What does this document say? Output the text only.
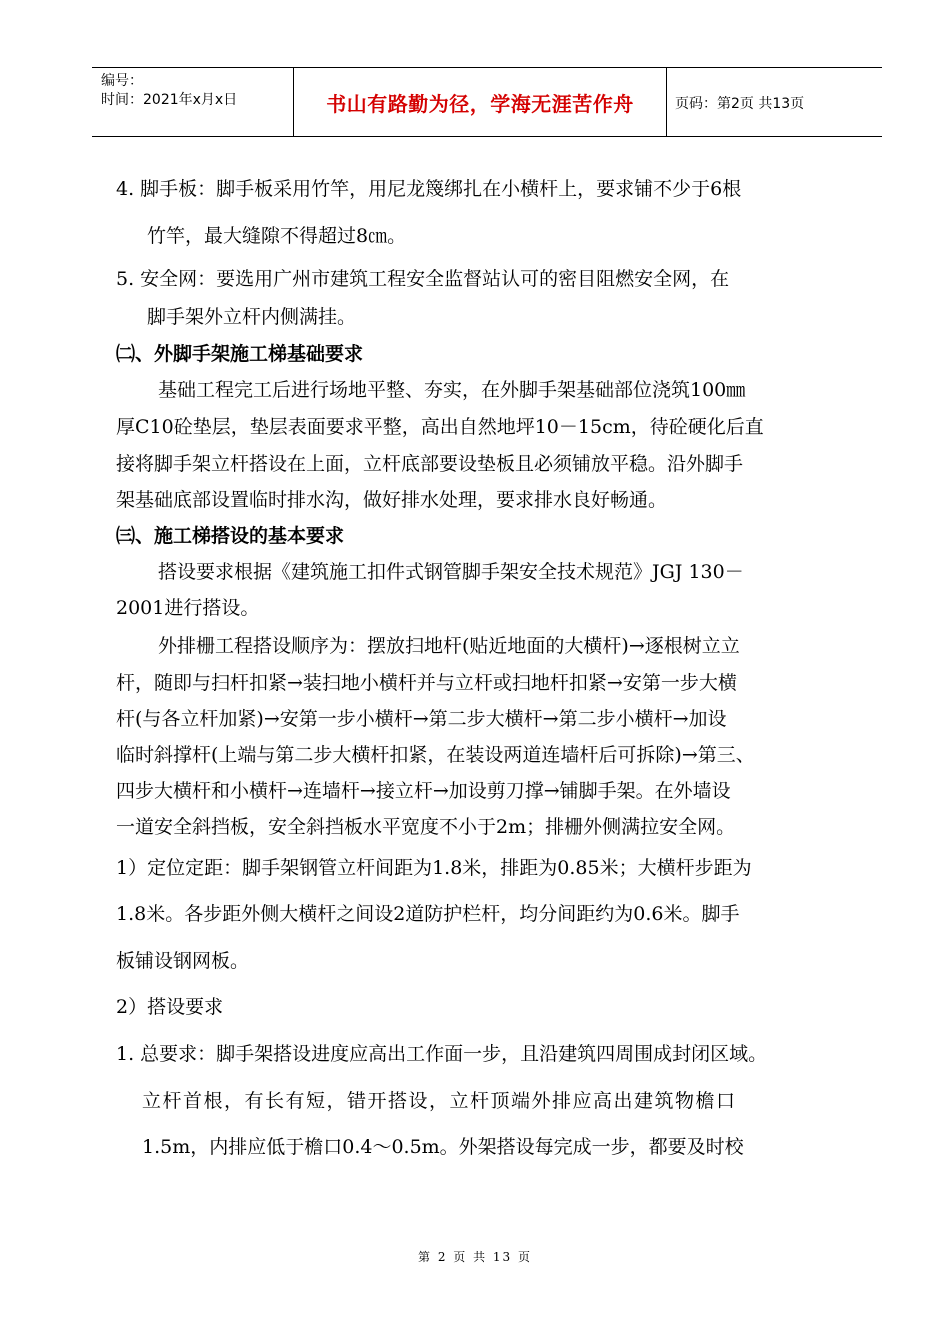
编号：
时间：2021年x月x日	书山有路勤为径，学海无涯苦作舟	页码：第2页 共13页
4. 脚手板：脚手板采用竹竿，用尼龙篾绑扎在小横杆上，要求铺不少于6根
竹竿，最大缝隙不得超过8㎝。
5. 安全网：要选用广州市建筑工程安全监督站认可的密目阻燃安全网，在
脚手架外立杆内侧满挂。
㈡、外脚手架施工梯基础要求
基础工程完工后进行场地平整、夯实，在外脚手架基础部位浇筑100㎜
厚C10砼垫层，垫层表面要求平整，高出自然地坪10－15cm，待砼硬化后直
接将脚手架立杆搭设在上面，立杆底部要设垫板且必须铺放平稳。沿外脚手
架基础底部设置临时排水沟，做好排水处理，要求排水良好畅通。
㈢、施工梯搭设的基本要求
搭设要求根据《建筑施工扣件式钢管脚手架安全技术规范》JGJ 130－
2001进行搭设。
外排栅工程搭设顺序为：摆放扫地杆(贴近地面的大横杆)→逐根树立立
杆，随即与扫杆扣紧→装扫地小横杆并与立杆或扫地杆扣紧→安第一步大横
杆(与各立杆加紧)→安第一步小横杆→第二步大横杆→第二步小横杆→加设
临时斜撑杆(上端与第二步大横杆扣紧，在装设两道连墙杆后可拆除)→第三、
四步大横杆和小横杆→连墙杆→接立杆→加设剪刀撑→铺脚手架。在外墙设
一道安全斜挡板，安全斜挡板水平宽度不小于2m；排栅外侧满拉安全网。
1）定位定距：脚手架钢管立杆间距为1.8米，排距为0.85米；大横杆步距为
1.8米。各步距外侧大横杆之间设2道防护栏杆，均分间距约为0.6米。脚手
板铺设钢网板。
2）搭设要求
1. 总要求：脚手架搭设进度应高出工作面一步，且沿建筑四周围成封闭区域。
立杆首根，有长有短，错开搭设，立杆顶端外排应高出建筑物檐口
1.5m，内排应低于檐口0.4～0.5m。外架搭设每完成一步，都要及时校
第 2 页 共 13 页
